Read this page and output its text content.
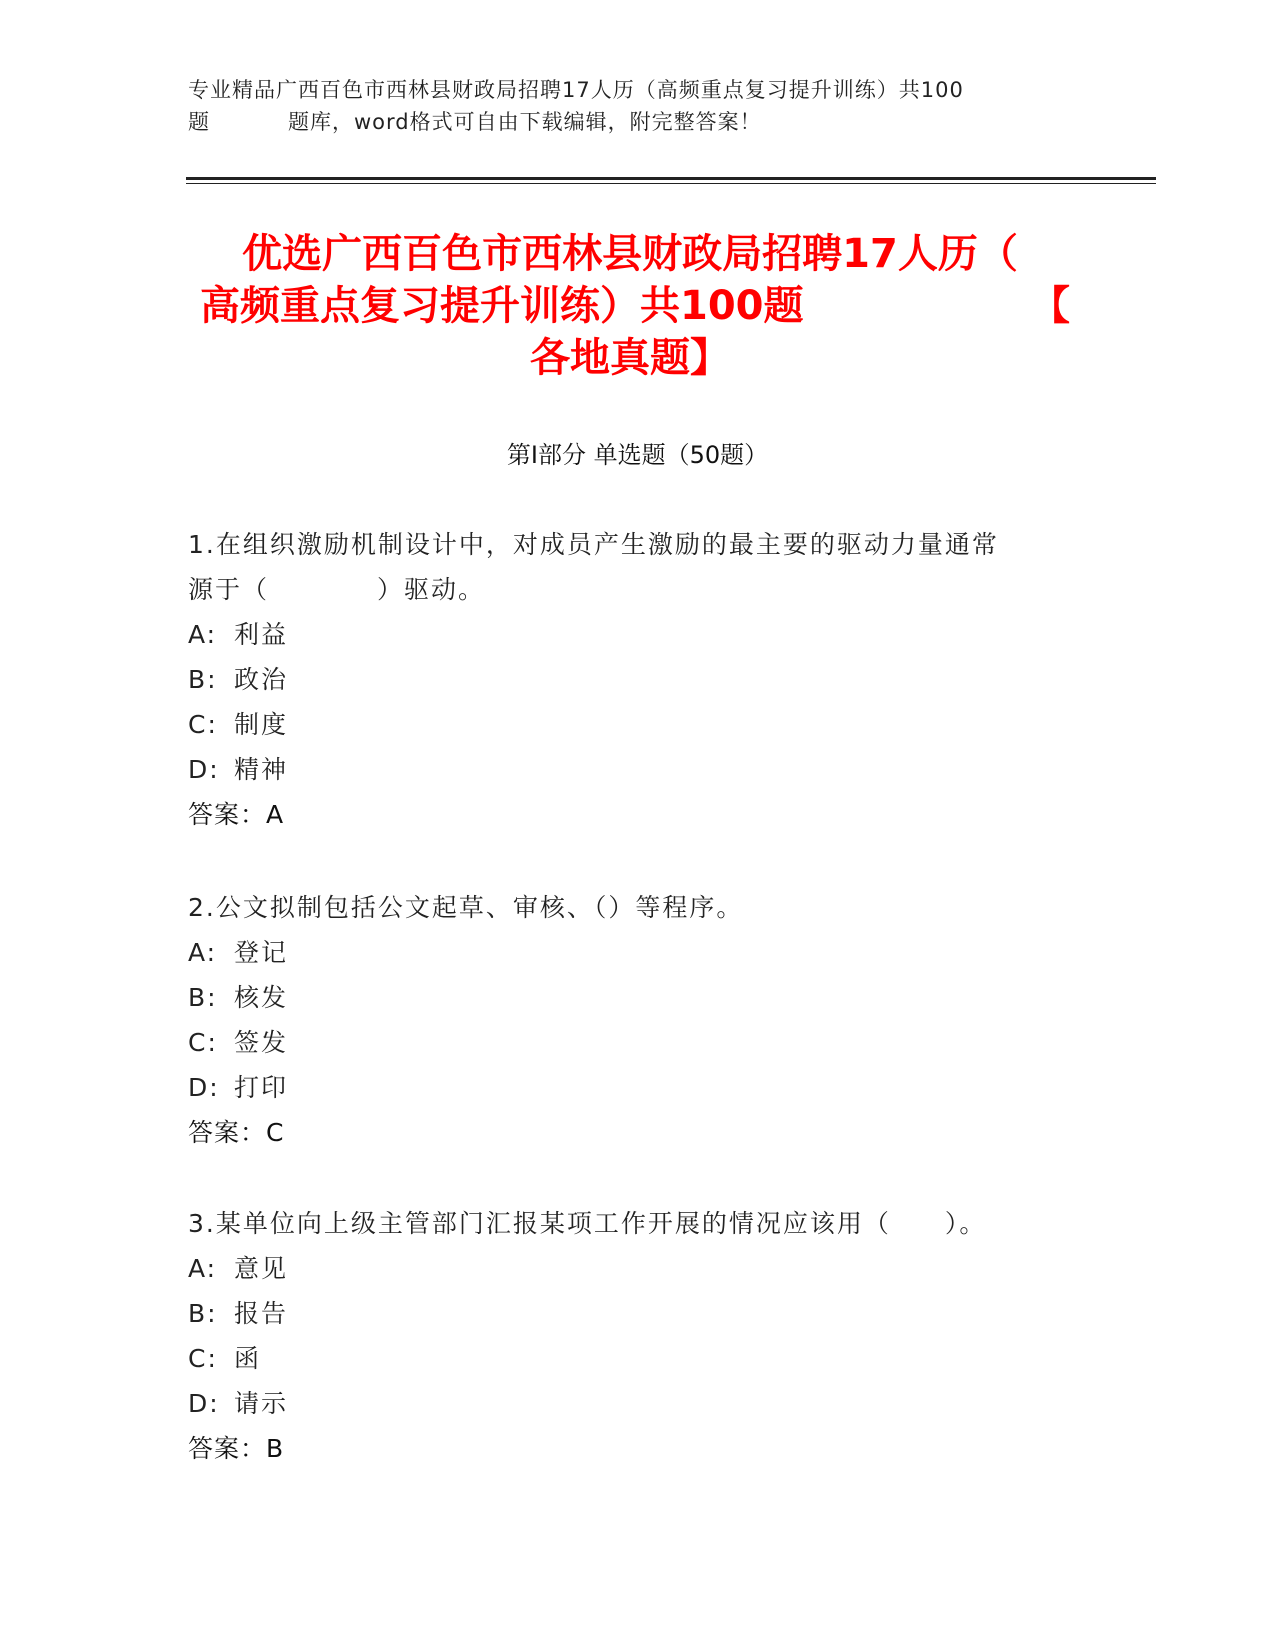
专业精品广西百色市西林县财政局招聘17人历（高频重点复习提升训练）共100
题	题库，word格式可自由下载编辑，附完整答案！
优选广西百色市西林县财政局招聘17人历（
高频重点复习提升训练）共100题	【
各地真题】
第Ⅰ部分 单选题（50题）
1.在组织激励机制设计中，对成员产生激励的最主要的驱动力量通常
源于（　　　　）驱动。
A: 利益
B: 政治
C: 制度
D: 精神
答案：A
2.公文拟制包括公文起草、审核、（）等程序。
A: 登记
B: 核发
C: 签发
D: 打印
答案：C
3.某单位向上级主管部门汇报某项工作开展的情况应该用（　　）。
A: 意见
B: 报告
C: 函
D: 请示
答案：B
